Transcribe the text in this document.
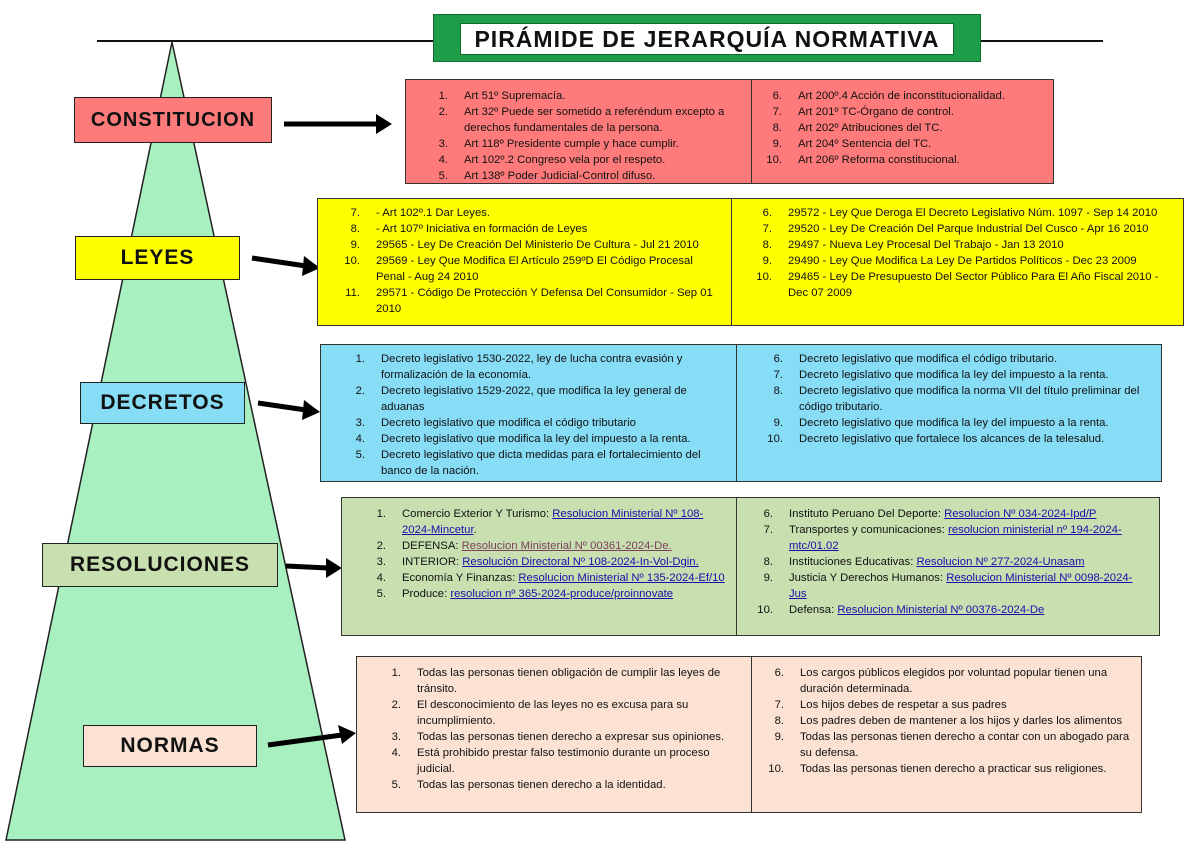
PIRÁMIDE DE JERARQUÍA NORMATIVA
CONSTITUCION
LEYES
DECRETOS
RESOLUCIONES
NORMAS
1.	Art 51º Supremacía.
2.	Art 32º Puede ser sometido a referéndum excepto a derechos fundamentales de la persona.
3.	Art 118º Presidente cumple y hace cumplir.
4.	Art 102º.2 Congreso vela por el respeto.
5.	Art 138º Poder Judicial-Control difuso.
6.	Art 200º.4 Acción de inconstitucionalidad.
7.	Art 201º TC-Órgano de control.
8.	Art 202º Atribuciones del TC.
9.	Art 204º Sentencia del TC.
10.	Art 206º Reforma constitucional.
7.	- Art 102º.1 Dar Leyes.
8.	- Art 107º Iniciativa en formación de Leyes
9.	29565 - Ley De Creación Del Ministerio De Cultura - Jul 21 2010
10.	29569 - Ley Que Modifica El Artículo 259ºD El Código Procesal Penal - Aug 24 2010
11.	29571 - Código De Protección Y Defensa Del Consumidor - Sep 01 2010
6.	29572 - Ley Que Deroga El Decreto Legislativo Núm. 1097 - Sep 14 2010
7.	29520 - Ley De Creación Del Parque Industrial Del Cusco - Apr 16 2010
8.	29497 - Nueva Ley Procesal Del Trabajo - Jan 13 2010
9.	29490 - Ley Que Modifica La Ley De Partidos Políticos - Dec 23 2009
10.	29465 - Ley De Presupuesto Del Sector Público Para El Año Fiscal 2010 - Dec 07 2009
1.	Decreto legislativo 1530-2022, ley de lucha contra evasión y formalización de la economía.
2.	Decreto legislativo 1529-2022, que modifica la ley general de aduanas
3.	Decreto legislativo que modifica el código tributario
4.	Decreto legislativo que modifica la ley del impuesto a la renta.
5.	Decreto legislativo que dicta medidas para el fortalecimiento del banco de la nación.
6.	Decreto legislativo que modifica el código tributario.
7.	Decreto legislativo que modifica la ley del impuesto a la renta.
8.	Decreto legislativo que modifica la norma VII del título preliminar del código tributario.
9.	Decreto legislativo que modifica la ley del impuesto a la renta.
10.	Decreto legislativo que fortalece los alcances de la telesalud.
1.	Comercio Exterior Y Turismo: Resolucion Ministerial Nº 108-2024-Mincetur.
2.	DEFENSA: Resolucion Ministerial Nº 00361-2024-De.
3.	INTERIOR: Resolución Directoral Nº 108-2024-In-Vol-Dgin.
4.	Economía Y Finanzas: Resolucion Ministerial Nº 135-2024-Ef/10
5.	Produce: resolucion nº 365-2024-produce/proinnovate
6.	Instituto Peruano Del Deporte: Resolucion Nº 034-2024-Ipd/P
7.	Transportes y comunicaciones: resolucion ministerial nº 194-2024-mtc/01.02
8.	Instituciones Educativas: Resolucion Nº 277-2024-Unasam
9.	Justicia Y Derechos Humanos: Resolucion Ministerial Nº 0098-2024-Jus
10.	Defensa: Resolucion Ministerial Nº 00376-2024-De
1.	Todas las personas tienen obligación de cumplir las leyes de tránsito.
2.	El desconocimiento de las leyes no es excusa para su incumplimiento.
3.	Todas las personas tienen derecho a expresar sus opiniones.
4.	Está prohibido prestar falso testimonio durante un proceso judicial.
5.	Todas las personas tienen derecho a la identidad.
6.	Los cargos públicos elegidos por voluntad popular tienen una duración determinada.
7.	Los hijos debes de respetar a sus padres
8.	Los padres deben de mantener a los hijos y darles los alimentos
9.	Todas las personas tienen derecho a contar con un abogado para su defensa.
10.	Todas las personas tienen derecho a practicar sus religiones.
